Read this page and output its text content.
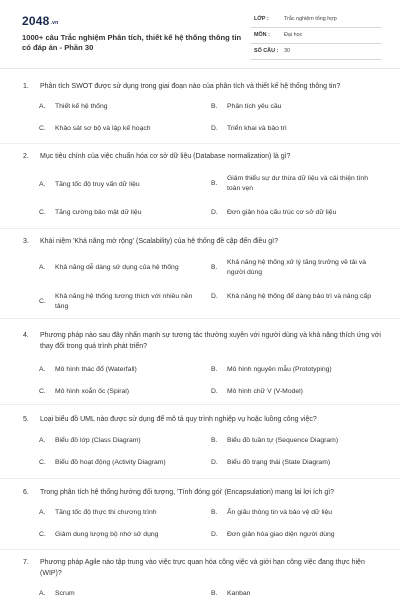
2048.vn
1000+ câu Trắc nghiệm Phân tích, thiết kế hệ thống thông tin có đáp án - Phần 30
LỚP :	Trắc nghiệm tổng hợp
MÔN :	Đại học
SỐ CÂU : 30
1.	Phân tích SWOT được sử dụng trong giai đoạn nào của phân tích và thiết kế hệ thống thông tin?
A.	Thiết kế hệ thống	B.	Phân tích yêu cầu
C.	Khảo sát sơ bộ và lập kế hoạch	D.	Triển khai và bảo trì
2.	Mục tiêu chính của việc chuẩn hóa cơ sở dữ liệu (Database normalization) là gì?
A.	Tăng tốc độ truy vấn dữ liệu	B.
Giảm thiểu sự dư thừa dữ liệu và cải thiện tính toàn vẹn
C.	Tăng cường bảo mật dữ liệu	D.	Đơn giản hóa cấu trúc cơ sở dữ liệu
3.	Khái niệm 'Khả năng mở rộng' (Scalability) của hệ thống đề cập đến điều gì?
A.	Khả năng dễ dàng sử dụng của hệ thống	B.
Khả năng hệ thống xử lý tăng trưởng về tải và người dùng
C.
Khả năng hệ thống tương thích với nhiều nền tảng
D.	Khả năng hệ thống để dàng bảo trì và nâng cấp
4.	Phương pháp nào sau đây nhấn mạnh sự tương tác thường xuyên với người dùng và khả năng thích ứng với thay đổi trong quá trình phát triển?
A.	Mô hình thác đổ (Waterfall)	B.	Mô hình nguyên mẫu (Prototyping)
C.	Mô hình xoắn ốc (Spiral)	D.	Mô hình chữ V (V-Model)
5.	Loại biểu đồ UML nào được sử dụng để mô tả quy trình nghiệp vụ hoặc luồng công việc?
A.	Biểu đồ lớp (Class Diagram)	B.	Biểu đồ tuần tự (Sequence Diagram)
C.	Biểu đồ hoạt động (Activity Diagram)	D.	Biểu đồ trạng thái (State Diagram)
6.	Trong phân tích hệ thống hướng đối tượng, 'Tính đóng gói' (Encapsulation) mang lại lợi ích gì?
A.	Tăng tốc độ thực thi chương trình	B.	Ẩn giấu thông tin và bảo vệ dữ liệu
C.	Giảm dung lượng bộ nhớ sử dụng	D.	Đơn giản hóa giao diện người dùng
7.	Phương pháp Agile nào tập trung vào việc trực quan hóa công việc và giới hạn công việc đang thực hiện (WIP)?
A.	Scrum	B.	Kanban
